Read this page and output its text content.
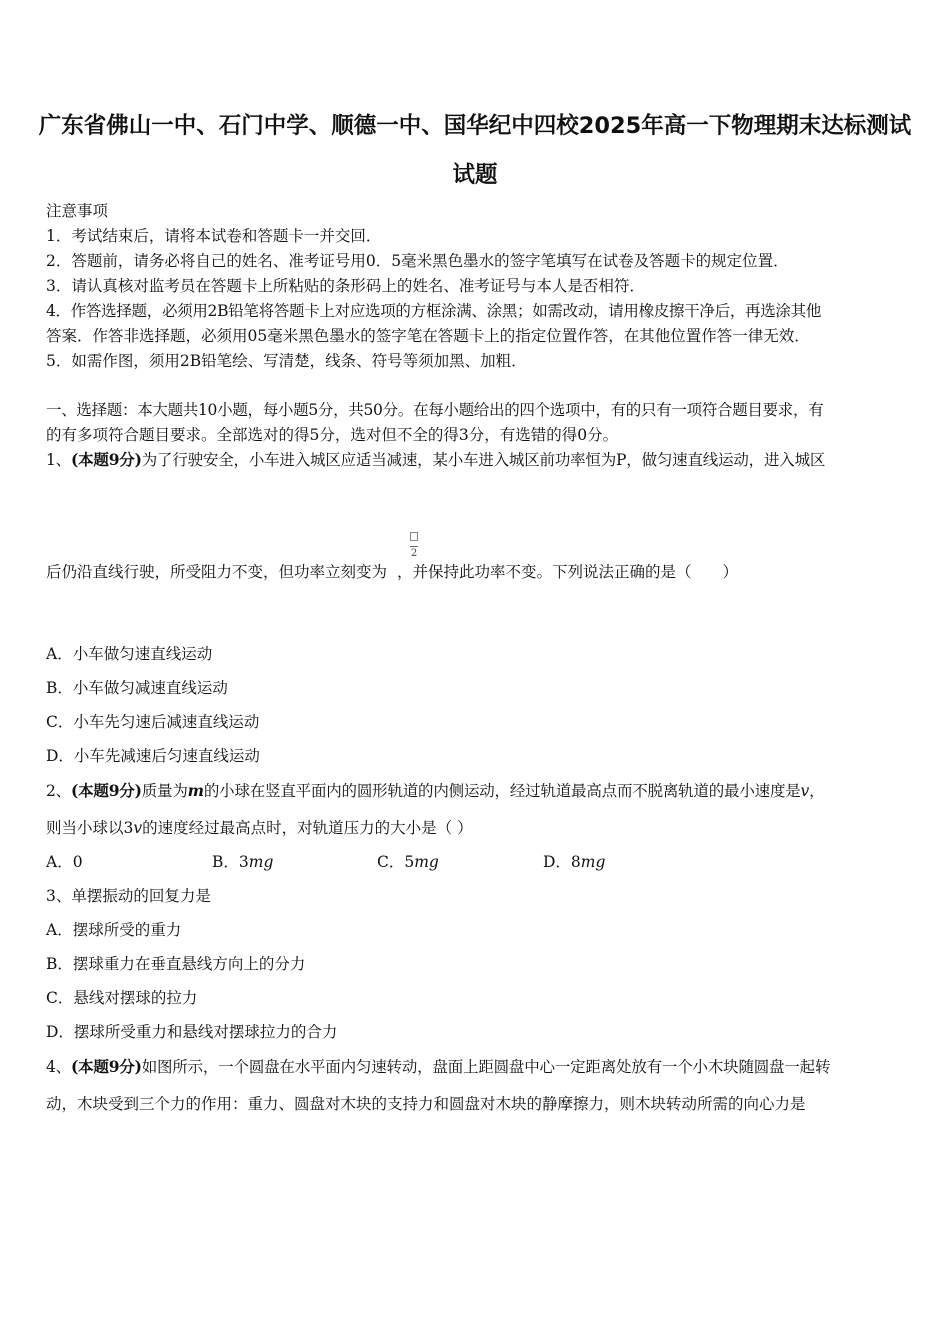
广东省佛山一中、石门中学、顺德一中、国华纪中四校2025年高一下物理期末达标测试
试题
注意事项
1．考试结束后，请将本试卷和答题卡一并交回．
2．答题前，请务必将自己的姓名、准考证号用0．5毫米黑色墨水的签字笔填写在试卷及答题卡的规定位置．
3．请认真核对监考员在答题卡上所粘贴的条形码上的姓名、准考证号与本人是否相符．
4．作答选择题，必须用2B铅笔将答题卡上对应选项的方框涂满、涂黑；如需改动，请用橡皮擦干净后，再选涂其他
答案．作答非选择题，必须用05毫米黑色墨水的签字笔在答题卡上的指定位置作答，在其他位置作答一律无效．
5．如需作图，须用2B铅笔绘、写清楚，线条、符号等须加黑、加粗．
一、选择题：本大题共10小题，每小题5分，共50分。在每小题给出的四个选项中，有的只有一项符合题目要求，有
的有多项符合题目要求。全部选对的得5分，选对但不全的得3分，有选错的得0分。
1、(本题9分)为了行驶安全，小车进入城区应适当减速，某小车进入城区前功率恒为P，做匀速直线运动，进入城区
2
后仍沿直线行驶，所受阻力不变，但功率立刻变为 ，并保持此功率不变。下列说法正确的是（　　）
A．小车做匀速直线运动
B．小车做匀减速直线运动
C．小车先匀速后减速直线运动
D．小车先减速后匀速直线运动
2、(本题9分)质量为m的小球在竖直平面内的圆形轨道的内侧运动，经过轨道最高点而不脱离轨道的最小速度是v，
则当小球以3v的速度经过最高点时，对轨道压力的大小是（ ）
A．0	B．3mg	C．5mg	D．8mg
3、单摆振动的回复力是
A．摆球所受的重力
B．摆球重力在垂直悬线方向上的分力
C．悬线对摆球的拉力
D．摆球所受重力和悬线对摆球拉力的合力
4、(本题9分)如图所示，一个圆盘在水平面内匀速转动，盘面上距圆盘中心一定距离处放有一个小木块随圆盘一起转
动，木块受到三个力的作用：重力、圆盘对木块的支持力和圆盘对木块的静摩擦力，则木块转动所需的向心力是
